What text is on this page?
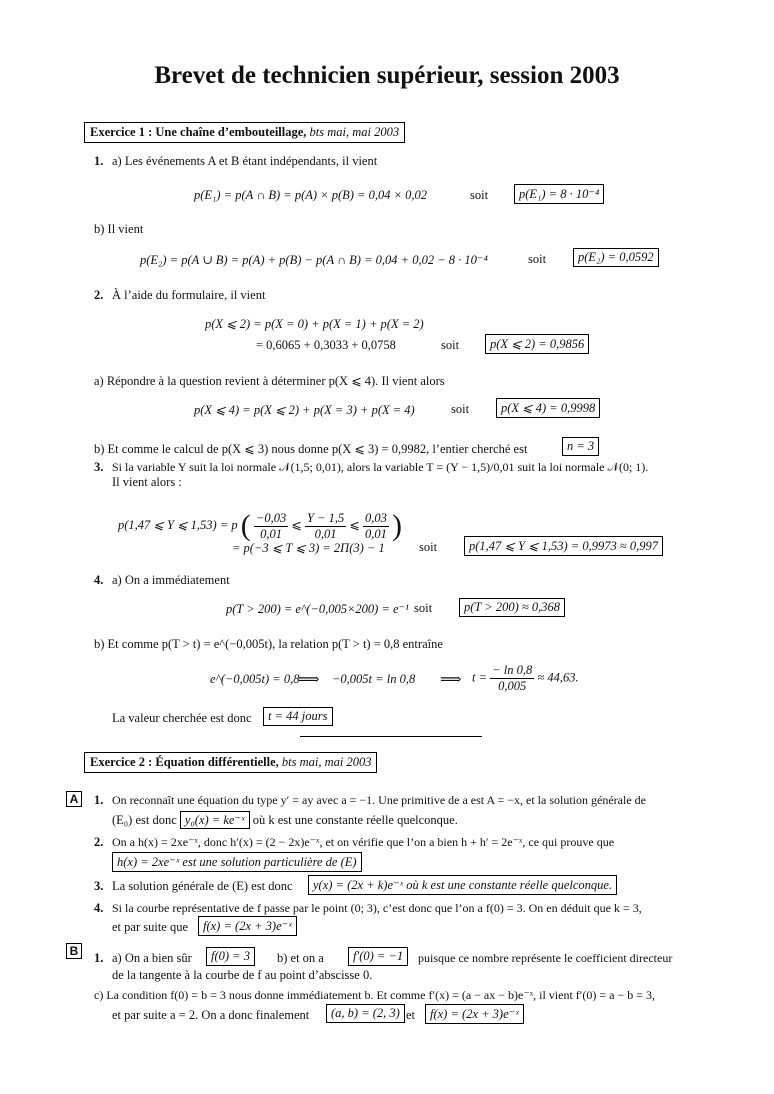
Brevet de technicien supérieur, session 2003
Exercice 1 : Une chaîne d’embouteillage, bts mai, mai 2003
1. a) Les événements A et B étant indépendants, il vient
p(E₁) = p(A ∩ B) = p(A) × p(B) = 0,04 × 0,02	soit	p(E₁) = 8 · 10⁻⁴
b) Il vient
p(E₂) = p(A ∪ B) = p(A) + p(B) − p(A ∩ B) = 0,04 + 0,02 − 8 · 10⁻⁴	soit	p(E₂) = 0,0592
2. À l’aide du formulaire, il vient
p(X ⩽ 2) = p(X = 0) + p(X = 1) + p(X = 2)
= 0,6065 + 0,3033 + 0,0758	soit	p(X ⩽ 2) = 0,9856
a) Répondre à la question revient à déterminer p(X ⩽ 4). Il vient alors
p(X ⩽ 4) = p(X ⩽ 2) + p(X = 3) + p(X = 4)	soit	p(X ⩽ 4) = 0,9998
b) Et comme le calcul de p(X ⩽ 3) nous donne p(X ⩽ 3) = 0,9982, l’entier cherché est	n = 3
3. Si la variable Y suit la loi normale 𝒩(1,5; 0,01), alors la variable T = (Y − 1,5)/0,01 suit la loi normale 𝒩(0; 1).
Il vient alors :
p(1,47 ⩽ Y ⩽ 1,53) = p ( $\frac{-0,03}{0,01}$ ⩽ $\frac{Y - 1,5}{0,01}$ ⩽ $\frac{0,03}{0,01}$ )
= p(−3 ⩽ T ⩽ 3) = 2Π(3) − 1	soit	p(1,47 ⩽ Y ⩽ 1,53) = 0,9973 ≈ 0,997
4. a) On a immédiatement
p(T > 200) = e^(−0,005×200) = e⁻¹ soit	p(T > 200) ≈ 0,368
b) Et comme p(T > t) = e^(−0,005t), la relation p(T > t) = 0,8 entraîne
e^(−0,005t) = 0,8
⟹ −0,005t = ln 0,8 ⟹ $t = \frac{- \ln 0,8}{0,005} \approx 44,63$.
La valeur cherchée est donc	t = 44 jours
Exercice 2 : Équation différentielle, bts mai, mai 2003
A 1. On reconnaît une équation du type y′ = ay avec a = −1. Une primitive de a est A = −x, et la solution générale de
(E₀) est donc y₀(x) = ke⁻ˣ où k est une constante réelle quelconque.
2. On a h(x) = 2xe⁻ˣ, donc h′(x) = (2 − 2x)e⁻ˣ, et on vérifie que l’on a bien h + h′ = 2e⁻ˣ, ce qui prouve que
h(x) = 2xe⁻ˣ est une solution particulière de (E)
3. La solution générale de (E) est donc	y(x) = (2x + k)e⁻ˣ où k est une constante réelle quelconque.
4. Si la courbe représentative de f passe par le point (0; 3), c’est donc que l’on a f(0) = 3. On en déduit que k = 3,
et par suite que	f(x) = (2x + 3)e⁻ˣ
B 1. a) On a bien sûr	f(0) = 3	b) et on a	f′(0) = −1	puisque ce nombre représente le coefficient directeur
de la tangente à la courbe de f au point d’abscisse 0.
c) La condition f(0) = b = 3 nous donne immédiatement b. Et comme f′(x) = (a − ax − b)e⁻ˣ, il vient f′(0) = a − b = 3,
et par suite a = 2. On a donc finalement	(a, b) = (2, 3) et	f(x) = (2x + 3)e⁻ˣ
